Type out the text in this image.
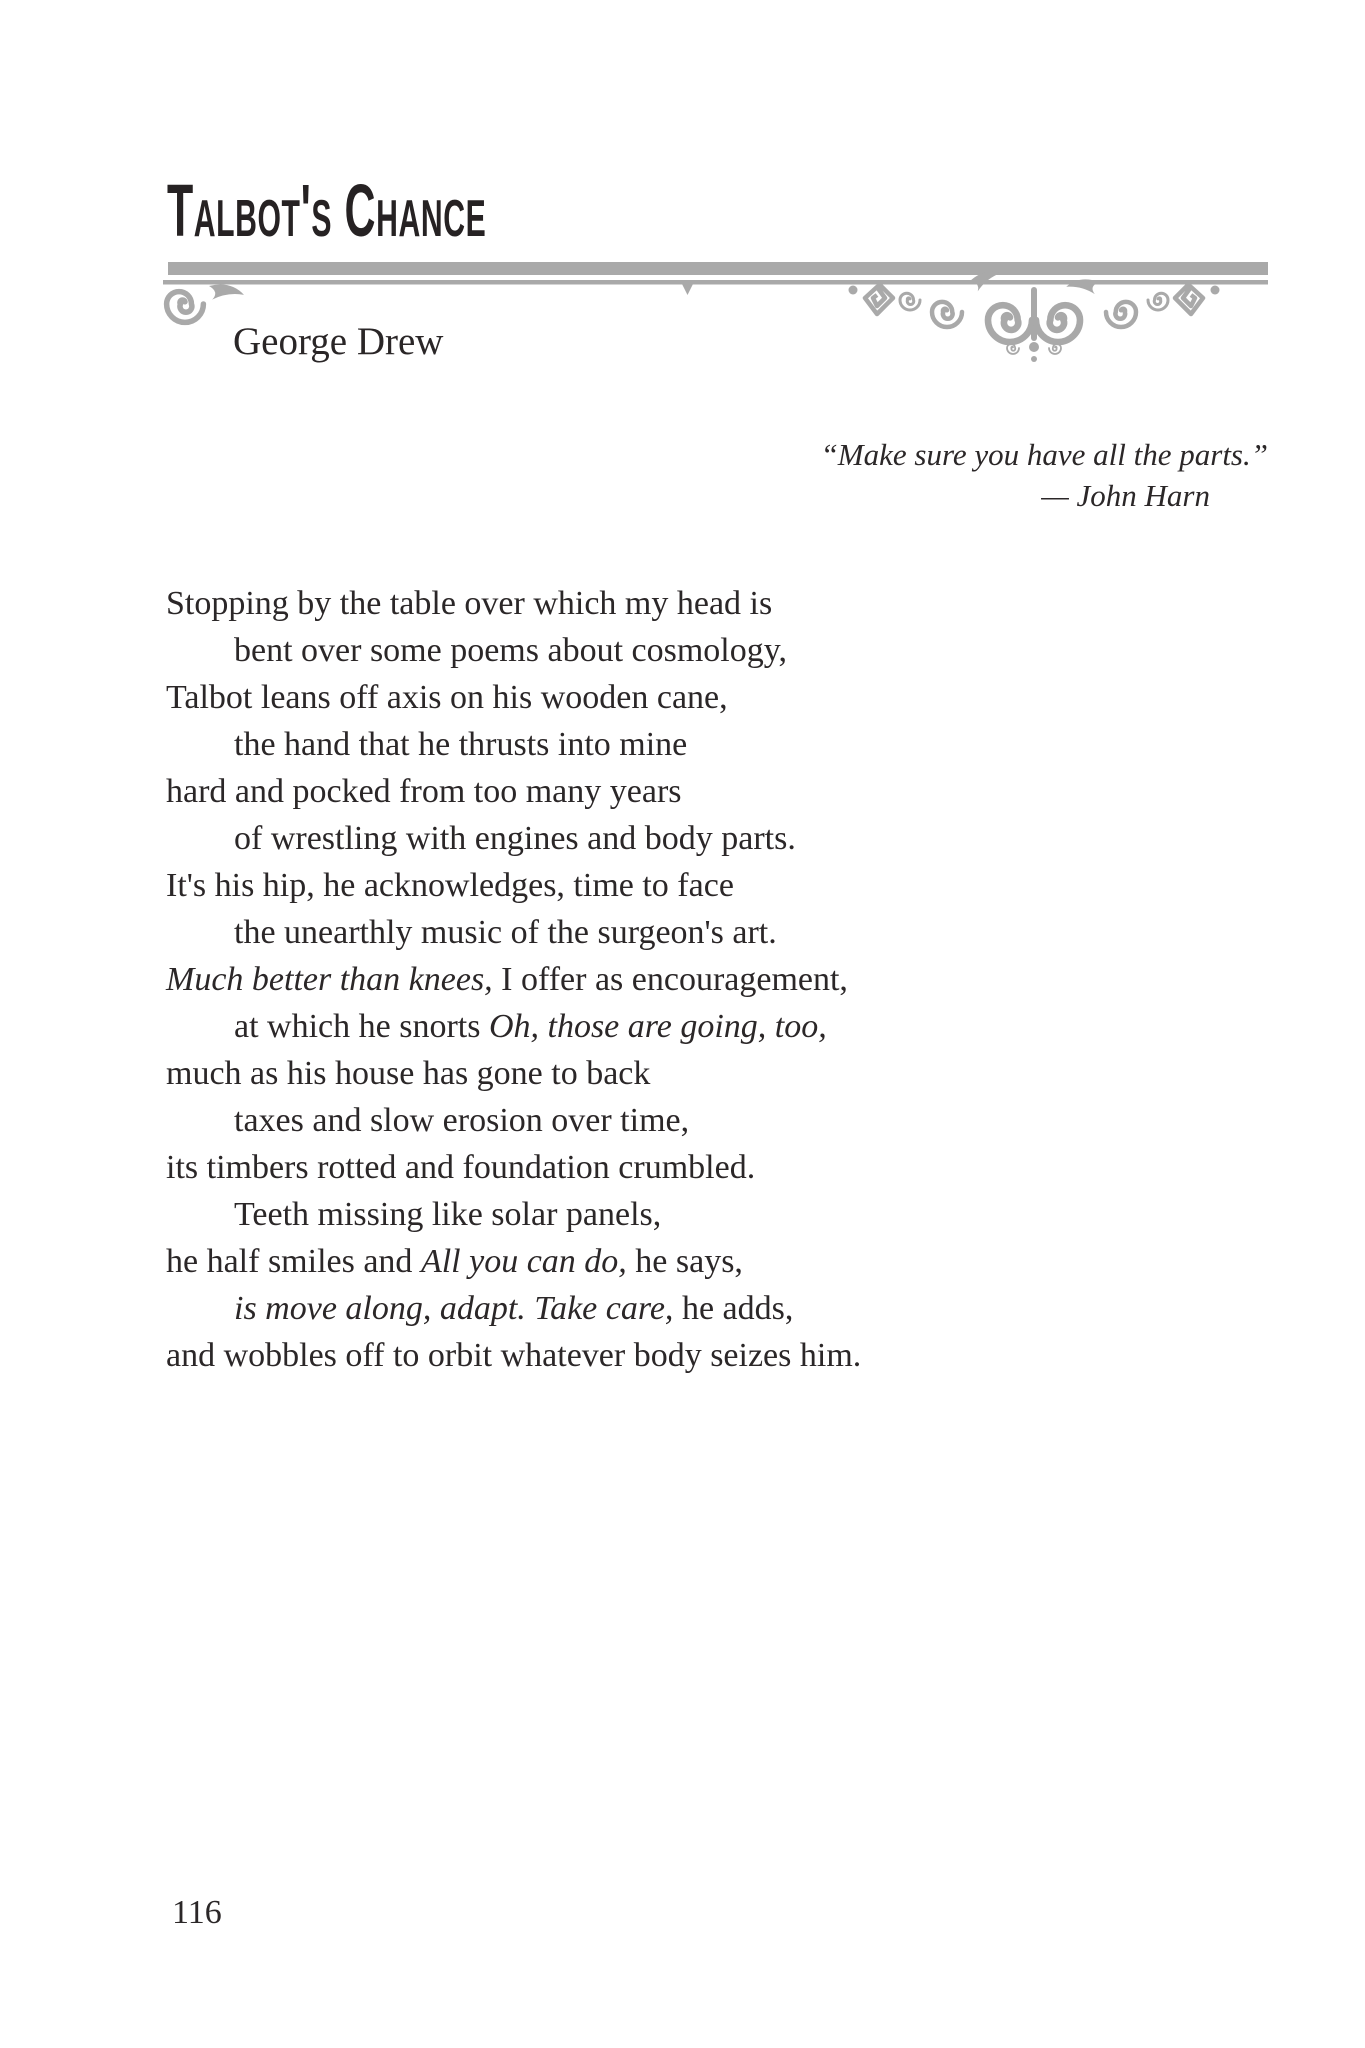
Talbot's Chance
George Drew
“Make sure you have all the parts.”
— John Harn
Stopping by the table over which my head is
bent over some poems about cosmology,
Talbot leans off axis on his wooden cane,
the hand that he thrusts into mine
hard and pocked from too many years
of wrestling with engines and body parts.
It's his hip, he acknowledges, time to face
the unearthly music of the surgeon's art.
Much better than knees, I offer as encouragement,
at which he snorts Oh, those are going, too,
much as his house has gone to back
taxes and slow erosion over time,
its timbers rotted and foundation crumbled.
Teeth missing like solar panels,
he half smiles and All you can do, he says,
is move along, adapt. Take care, he adds,
and wobbles off to orbit whatever body seizes him.
116
